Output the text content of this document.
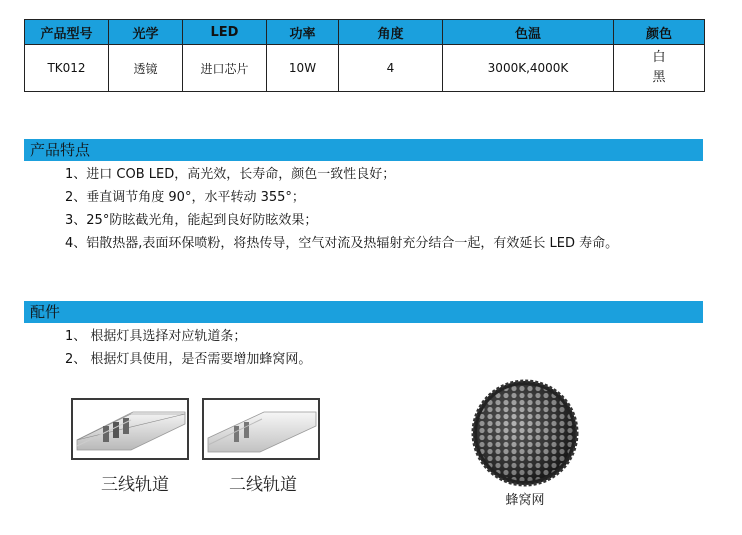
产品型号	光学	LED	功率	角度	色温	颜色
TK012	透镜	进口芯片	10W	4	3000K,4000K	白
黑
产品特点

1、进口 COB LED，高光效，长寿命，颜色一致性良好；

2、垂直调节角度 90°，水平转动 355°；

3、25°防眩截光角，能起到良好防眩效果；

4、铝散热器,表面环保喷粉，将热传导，空气对流及热辐射充分结合一起，有效延长 LED 寿命。

配件

1、 根据灯具选择对应轨道条；

2、 根据灯具使用，是否需要增加蜂窝网。

三线轨道	二线轨道
蜂窝网
